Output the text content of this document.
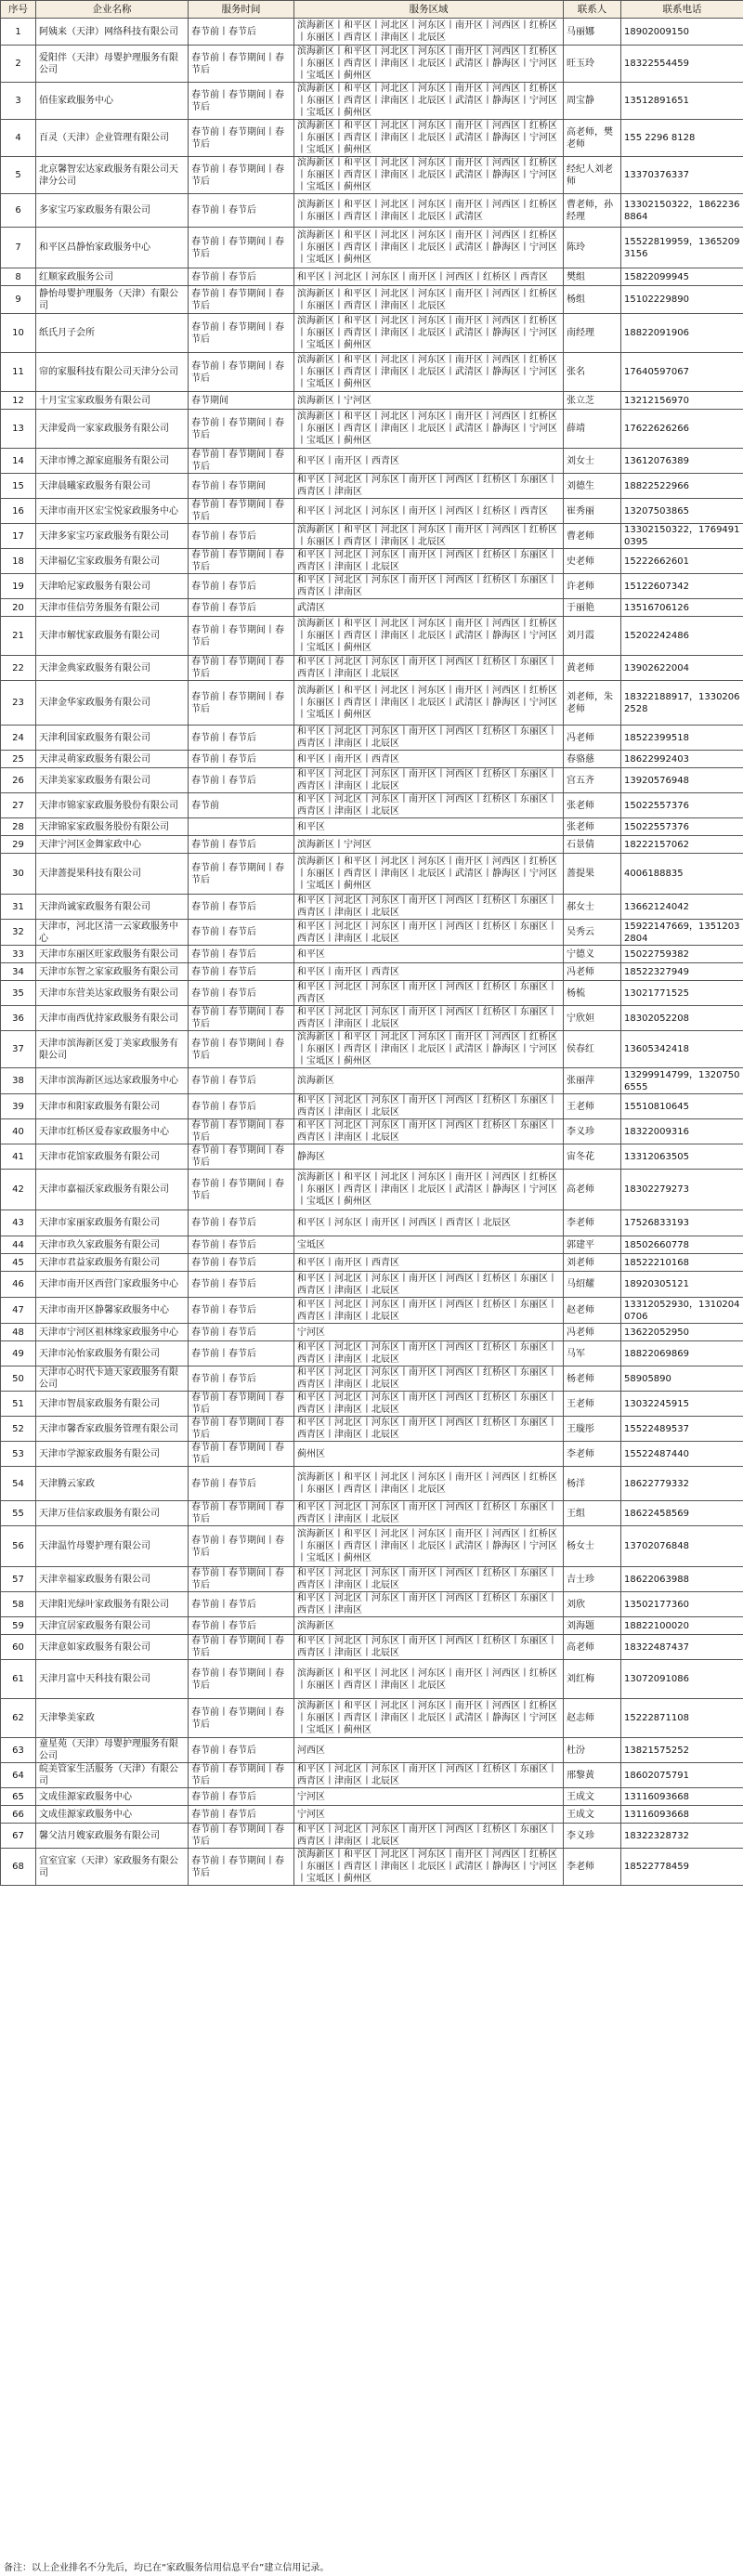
序号	企业名称	服务时间	服务区域	联系人	联系电话
1	阿姨来（天津）网络科技有限公司	春节前丨春节后	滨海新区丨和平区丨河北区丨河东区丨南开区丨河西区丨红桥区丨东丽区丨西青区丨津南区丨北辰区	马丽娜	18902009150
2	爱阳伴（天津）母婴护理服务有限公司	春节前丨春节期间丨春节后	滨海新区丨和平区丨河北区丨河东区丨南开区丨河西区丨红桥区丨东丽区丨西青区丨津南区丨北辰区丨武清区丨静海区丨宁河区丨宝坻区丨蓟州区	旺玉玲	18322554459
3	佰佳家政服务中心	春节前丨春节期间丨春节后	滨海新区丨和平区丨河北区丨河东区丨南开区丨河西区丨红桥区丨东丽区丨西青区丨津南区丨北辰区丨武清区丨静海区丨宁河区丨宝坻区丨蓟州区	周宝静	13512891651
4	百灵（天津）企业管理有限公司	春节前丨春节期间丨春节后	滨海新区丨和平区丨河北区丨河东区丨南开区丨河西区丨红桥区丨东丽区丨西青区丨津南区丨北辰区丨武清区丨静海区丨宁河区丨宝坻区丨蓟州区	高老师，樊老师	155 2296 8128
5	北京馨智宏达家政服务有限公司天津分公司	春节前丨春节期间丨春节后	滨海新区丨和平区丨河北区丨河东区丨南开区丨河西区丨红桥区丨东丽区丨西青区丨津南区丨北辰区丨武清区丨静海区丨宁河区丨宝坻区丨蓟州区	经纪人刘老师	13370376337
6	多家宝巧家政服务有限公司	春节前丨春节后	滨海新区丨和平区丨河北区丨河东区丨南开区丨河西区丨红桥区丨东丽区丨西青区丨津南区丨北辰区丨武清区	曹老师，孙经理	13302150322，18622368864
7	和平区昌静怡家政服务中心	春节前丨春节期间丨春节后	滨海新区丨和平区丨河北区丨河东区丨南开区丨河西区丨红桥区丨东丽区丨西青区丨津南区丨北辰区丨武清区丨静海区丨宁河区丨宝坻区丨蓟州区	陈玲	15522819959，13652093156
8	红顺家政服务公司	春节前丨春节后	和平区丨河北区丨河东区丨南开区丨河西区丨红桥区丨西青区	樊组	15822099945
9	静怡母婴护理服务（天津）有限公司	春节前丨春节期间丨春节后	滨海新区丨和平区丨河北区丨河东区丨南开区丨河西区丨红桥区丨东丽区丨西青区丨津南区丨北辰区	杨组	15102229890
10	纸氏月子会所	春节前丨春节期间丨春节后	滨海新区丨和平区丨河北区丨河东区丨南开区丨河西区丨红桥区丨东丽区丨西青区丨津南区丨北辰区丨武清区丨静海区丨宁河区丨宝坻区丨蓟州区	南经理	18822091906
11	帘的家服科技有限公司天津分公司	春节前丨春节期间丨春节后	滨海新区丨和平区丨河北区丨河东区丨南开区丨河西区丨红桥区丨东丽区丨西青区丨津南区丨北辰区丨武清区丨静海区丨宁河区丨宝坻区丨蓟州区	张名	17640597067
12	十月宝宝家政服务有限公司	春节期间	滨海新区丨宁河区	张立芝	13212156970
13	天津爱尚一家家政服务有限公司	春节前丨春节期间丨春节后	滨海新区丨和平区丨河北区丨河东区丨南开区丨河西区丨红桥区丨东丽区丨西青区丨津南区丨北辰区丨武清区丨静海区丨宁河区丨宝坻区丨蓟州区	薛靖	17622626266
14	天津市博之源家庭服务有限公司	春节前丨春节期间丨春节后	和平区丨南开区丨西青区	刘女士	13612076389
15	天津晨曦家政服务有限公司	春节前丨春节期间	和平区丨河北区丨河东区丨南开区丨河西区丨红桥区丨东丽区丨西青区丨津南区	刘德生	18822522966
16	天津市南开区宏宝悦家政服务中心	春节前丨春节期间丨春节后	和平区丨河北区丨河东区丨南开区丨河西区丨红桥区丨西青区	崔秀丽	13207503865
17	天津多家宝巧家政服务有限公司	春节前丨春节后	滨海新区丨和平区丨河北区丨河东区丨南开区丨河西区丨红桥区丨东丽区丨西青区丨津南区丨北辰区	曹老师	13302150322，17694910395
18	天津福亿宝家政服务有限公司	春节前丨春节期间丨春节后	和平区丨河北区丨河东区丨南开区丨河西区丨红桥区丨东丽区丨西青区丨津南区丨北辰区	史老师	15222662601
19	天津哈尼家政服务有限公司	春节前丨春节后	和平区丨河北区丨河东区丨南开区丨河西区丨红桥区丨东丽区丨西青区丨津南区	许老师	15122607342
20	天津市佳信劳务服务有限公司	春节前丨春节后	武清区	于丽艳	13516706126
21	天津市解忧家政服务有限公司	春节前丨春节期间丨春节后	滨海新区丨和平区丨河北区丨河东区丨南开区丨河西区丨红桥区丨东丽区丨西青区丨津南区丨北辰区丨武清区丨静海区丨宁河区丨宝坻区丨蓟州区	刘月霞	15202242486
22	天津金典家政服务有限公司	春节前丨春节期间丨春节后	和平区丨河北区丨河东区丨南开区丨河西区丨红桥区丨东丽区丨西青区丨津南区丨北辰区	黄老师	13902622004
23	天津金华家政服务有限公司	春节前丨春节期间丨春节后	滨海新区丨和平区丨河北区丨河东区丨南开区丨河西区丨红桥区丨东丽区丨西青区丨津南区丨北辰区丨武清区丨静海区丨宁河区丨宝坻区丨蓟州区	刘老师，朱老师	18322188917，13302062528
24	天津利国家政服务有限公司	春节前丨春节后	和平区丨河北区丨河东区丨南开区丨河西区丨红桥区丨东丽区丨西青区丨津南区丨北辰区	冯老师	18522399518
25	天津灵萌家政服务有限公司	春节前丨春节后	和平区丨南开区丨西青区	春骆慈	18622992403
26	天津美家家政服务有限公司	春节前丨春节后	和平区丨河北区丨河东区丨南开区丨河西区丨红桥区丨东丽区丨西青区丨津南区丨北辰区	宫五齐	13920576948
27	天津市锦家家政服务股份有限公司	春节前	和平区丨河北区丨河东区丨南开区丨河西区丨红桥区丨东丽区丨西青区丨津南区丨北辰区	张老师	15022557376
28	天津锦家家政服务股份有限公司		和平区	张老师	15022557376
29	天津宁河区金舞家政中心	春节前丨春节后	滨海新区丨宁河区	石景倩	18222157062
30	天津蔷提果科技有限公司	春节前丨春节期间丨春节后	滨海新区丨和平区丨河北区丨河东区丨南开区丨河西区丨红桥区丨东丽区丨西青区丨津南区丨北辰区丨武清区丨静海区丨宁河区丨宝坻区丨蓟州区	蔷提果	4006188835
31	天津尚诚家政服务有限公司	春节前丨春节后	和平区丨河北区丨河东区丨南开区丨河西区丨红桥区丨东丽区丨西青区丨津南区丨北辰区	郝女士	13662124042
32	天津市，河北区清一云家政服务中心	春节前丨春节后	和平区丨河北区丨河东区丨南开区丨河西区丨红桥区丨东丽区丨西青区丨津南区丨北辰区	吴秀云	15922147669，13512032804
33	天津市东丽区旺家政服务有限公司	春节前丨春节后	和平区	宁德义	15022759382
34	天津市东智之家家政服务有限公司	春节前丨春节后	和平区丨南开区丨西青区	冯老师	18522327949
35	天津市东营美达家政服务有限公司	春节前丨春节后	和平区丨河北区丨河东区丨南开区丨河西区丨红桥区丨东丽区丨西青区	杨梳	13021771525
36	天津市南西优持家政服务有限公司	春节前丨春节期间丨春节后	和平区丨河北区丨河东区丨南开区丨河西区丨红桥区丨东丽区丨西青区丨津南区丨北辰区	宁欣妲	18302052208
37	天津市滨海新区爱丁美家政服务有限公司	春节前丨春节期间丨春节后	滨海新区丨和平区丨河北区丨河东区丨南开区丨河西区丨红桥区丨东丽区丨西青区丨津南区丨北辰区丨武清区丨静海区丨宁河区丨宝坻区丨蓟州区	侯春红	13605342418
38	天津市滨海新区远达家政服务中心	春节前丨春节后	滨海新区	张丽萍	13299914799，13207506555
39	天津市和阳家政服务有限公司	春节前丨春节后	和平区丨河北区丨河东区丨南开区丨河西区丨红桥区丨东丽区丨西青区丨津南区丨北辰区	王老师	15510810645
40	天津市红桥区爱春家政服务中心	春节前丨春节期间丨春节后	和平区丨河北区丨河东区丨南开区丨河西区丨红桥区丨东丽区丨西青区丨津南区丨北辰区	李义珍	18322009316
41	天津市花馆家政服务有限公司	春节前丨春节期间丨春节后	静海区	宙冬花	13312063505
42	天津市嘉福沃家政服务有限公司	春节前丨春节期间丨春节后	滨海新区丨和平区丨河北区丨河东区丨南开区丨河西区丨红桥区丨东丽区丨西青区丨津南区丨北辰区丨武清区丨静海区丨宁河区丨宝坻区丨蓟州区	高老师	18302279273
43	天津市家丽家政服务有限公司	春节前丨春节后	和平区丨河东区丨南开区丨河西区丨西青区丨北辰区	李老师	17526833193
44	天津市玖久家政服务有限公司	春节前丨春节后	宝坻区	郭建平	18502660778
45	天津市君益家政服务有限公司	春节前丨春节后	和平区丨南开区丨西青区	刘老师	18522210168
46	天津市南开区西营门家政服务中心	春节前丨春节后	和平区丨河北区丨河东区丨南开区丨河西区丨红桥区丨东丽区丨西青区丨津南区丨北辰区	马绍耀	18920305121
47	天津市南开区静馨家政服务中心	春节前丨春节后	和平区丨河北区丨河东区丨南开区丨河西区丨红桥区丨东丽区丨西青区丨津南区丨北辰区	赵老师	13312052930，13102040706
48	天津市宁河区祖林缘家政服务中心	春节前丨春节后	宁河区	冯老师	13622052950
49	天津市沁怡家政服务有限公司	春节前丨春节后	和平区丨河北区丨河东区丨南开区丨河西区丨红桥区丨东丽区丨西青区丨津南区丨北辰区	马军	18822069869
50	天津市心时代卡迪天家政服务有限公司	春节前丨春节后	和平区丨河北区丨河东区丨南开区丨河西区丨红桥区丨东丽区丨西青区丨津南区丨北辰区	杨老师	58905890
51	天津市智晨家政服务有限公司	春节前丨春节期间丨春节后	和平区丨河北区丨河东区丨南开区丨河西区丨红桥区丨东丽区丨西青区丨津南区丨北辰区	王老师	13032245915
52	天津市馨香家政服务管理有限公司	春节前丨春节期间丨春节后	和平区丨河北区丨河东区丨南开区丨河西区丨红桥区丨东丽区丨西青区丨津南区丨北辰区	王璇彤	15522489537
53	天津市学源家政服务有限公司	春节前丨春节期间丨春节后	蓟州区	李老师	15522487440
54	天津腾云家政	春节前丨春节后	滨海新区丨和平区丨河北区丨河东区丨南开区丨河西区丨红桥区丨东丽区丨西青区丨津南区丨北辰区	杨洋	18622779332
55	天津万佳信家政服务有限公司	春节前丨春节期间丨春节后	和平区丨河北区丨河东区丨南开区丨河西区丨红桥区丨东丽区丨西青区丨津南区丨北辰区	王组	18622458569
56	天津温竹母婴护理有限公司	春节前丨春节期间丨春节后	滨海新区丨和平区丨河北区丨河东区丨南开区丨河西区丨红桥区丨东丽区丨西青区丨津南区丨北辰区丨武清区丨静海区丨宁河区丨宝坻区丨蓟州区	杨女士	13702076848
57	天津幸福家政服务有限公司	春节前丨春节期间丨春节后	和平区丨河北区丨河东区丨南开区丨河西区丨红桥区丨东丽区丨西青区丨津南区丨北辰区	吉士珍	18622063988
58	天津阳光绿叶家政服务有限公司	春节前丨春节后	和平区丨河北区丨河东区丨南开区丨河西区丨红桥区丨东丽区丨西青区丨津南区	刘欣	13502177360
59	天津宜居家政服务有限公司	春节前丨春节后	滨海新区	刘海题	18822100020
60	天津意如家政服务有限公司	春节前丨春节期间丨春节后	和平区丨河北区丨河东区丨南开区丨河西区丨红桥区丨东丽区丨西青区丨津南区丨北辰区	高老师	18322487437
61	天津月富中天科技有限公司	春节前丨春节期间丨春节后	滨海新区丨和平区丨河北区丨河东区丨南开区丨河西区丨红桥区丨东丽区丨西青区丨津南区丨北辰区	刘红梅	13072091086
62	天津挚美家政	春节前丨春节期间丨春节后	滨海新区丨和平区丨河北区丨河东区丨南开区丨河西区丨红桥区丨东丽区丨西青区丨津南区丨北辰区丨武清区丨静海区丨宁河区丨宝坻区丨蓟州区	赵志师	15222871108
63	童星苑（天津）母婴护理服务有限公司	春节前丨春节后	河西区	杜汾	13821575252
64	皖美管家生活服务（天津）有限公司	春节前丨春节期间丨春节后	和平区丨河北区丨河东区丨南开区丨河西区丨红桥区丨东丽区丨西青区丨津南区丨北辰区	邢黎黄	18602075791
65	文成佳源家政服务中心	春节前丨春节后	宁河区	王成文	13116093668
66	文成佳源家政服务中心	春节前丨春节后	宁河区	王成文	13116093668
67	馨父洁月嫂家政服务有限公司	春节前丨春节期间丨春节后	和平区丨河北区丨河东区丨南开区丨河西区丨红桥区丨东丽区丨西青区丨津南区丨北辰区	李义珍	18322328732
68	宜室宜家（天津）家政服务有限公司	春节前丨春节期间丨春节后	滨海新区丨和平区丨河北区丨河东区丨南开区丨河西区丨红桥区丨东丽区丨西青区丨津南区丨北辰区丨武清区丨静海区丨宁河区丨宝坻区丨蓟州区	李老师	18522778459
备注：以上企业排名不分先后，均已在“家政服务信用信息平台”建立信用记录。
